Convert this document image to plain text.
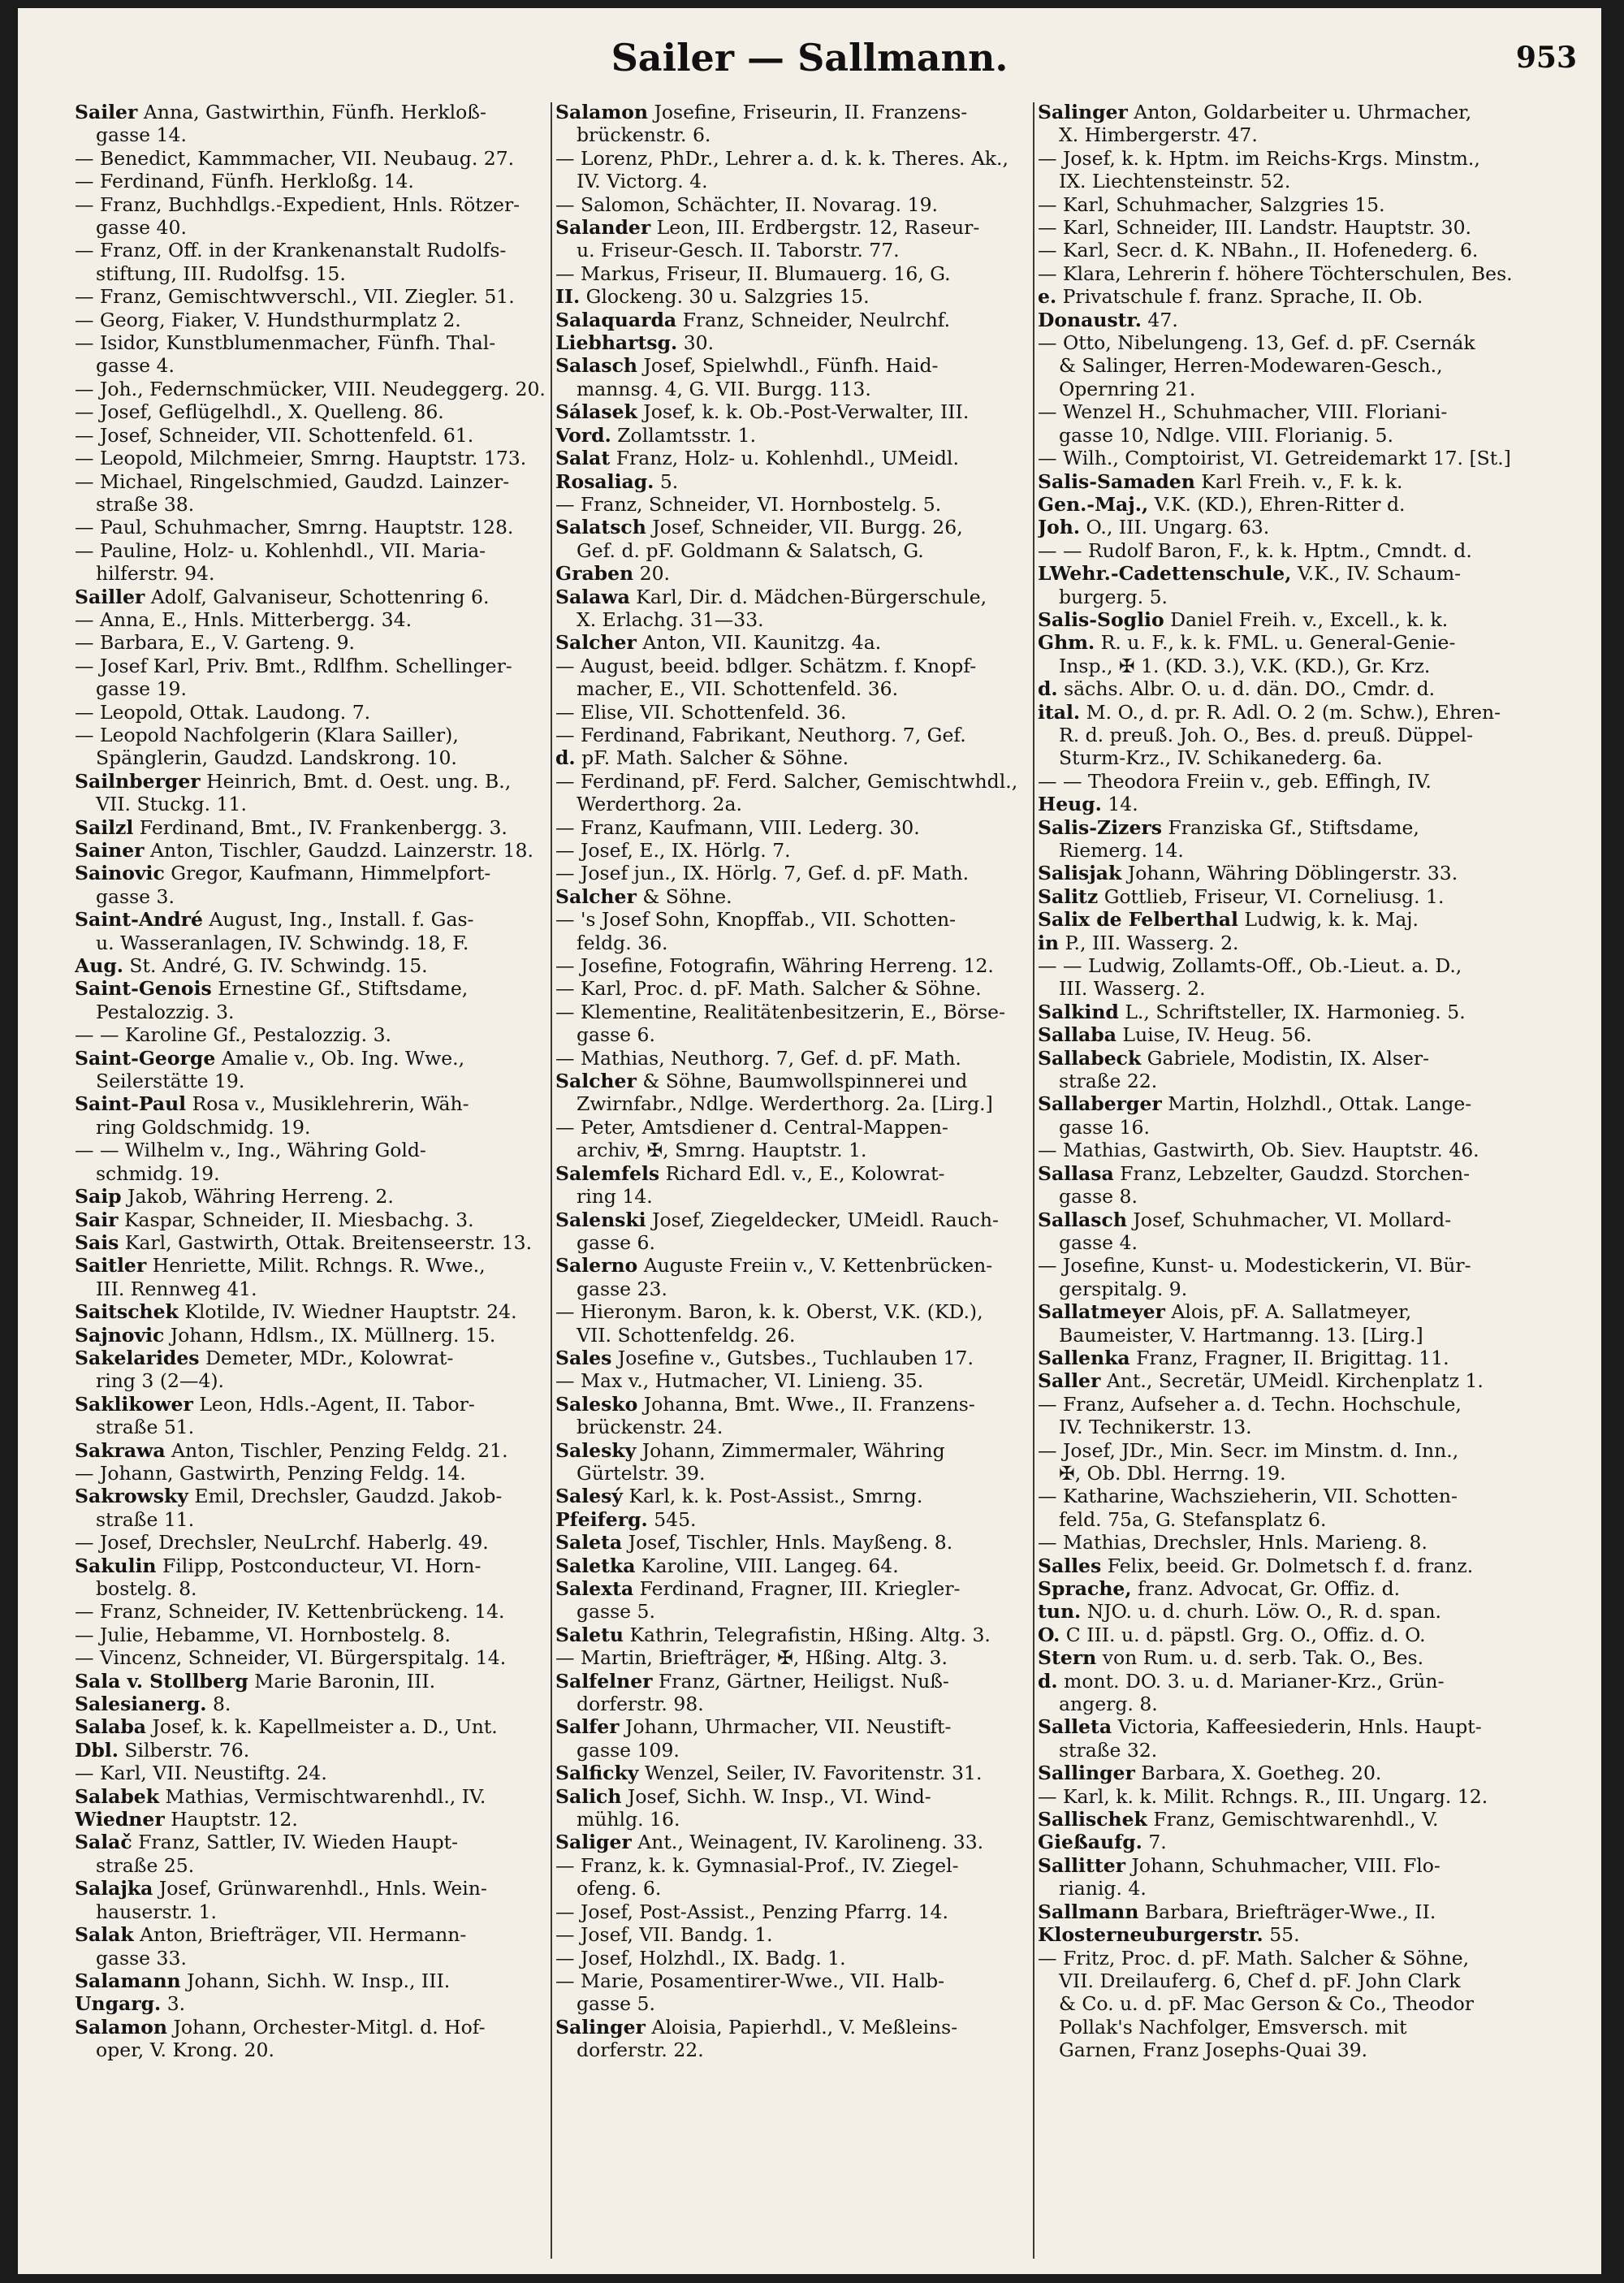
Sailer — Sallmann.	953
Sailer Anna, Gastwirthin, Fünfh. Herkloß-
gasse 14.
— Benedict, Kammmacher, VII. Neubaug. 27.
— Ferdinand, Fünfh. Herkloßg. 14.
— Franz, Buchhdlgs.-Expedient, Hnls. Rötzer-
gasse 40.
— Franz, Off. in der Krankenanstalt Rudolfs-
stiftung, III. Rudolfsg. 15.
— Franz, Gemischtwverschl., VII. Ziegler. 51.
— Georg, Fiaker, V. Hundsthurmplatz 2.
— Isidor, Kunstblumenmacher, Fünfh. Thal-
gasse 4.
— Joh., Federnschmücker, VIII. Neudeggerg. 20.
— Josef, Geflügelhdl., X. Quelleng. 86.
— Josef, Schneider, VII. Schottenfeld. 61.
— Leopold, Milchmeier, Smrng. Hauptstr. 173.
— Michael, Ringelschmied, Gaudzd. Lainzer-
straße 38.
— Paul, Schuhmacher, Smrng. Hauptstr. 128.
— Pauline, Holz- u. Kohlenhdl., VII. Maria-
hilferstr. 94.
Sailler Adolf, Galvaniseur, Schottenring 6.
— Anna, E., Hnls. Mitterbergg. 34.
— Barbara, E., V. Garteng. 9.
— Josef Karl, Priv. Bmt., Rdlfhm. Schellinger-
gasse 19.
— Leopold, Ottak. Laudong. 7.
— Leopold Nachfolgerin (Klara Sailler),
Spänglerin, Gaudzd. Landskrong. 10.
Sailnberger Heinrich, Bmt. d. Oest. ung. B.,
VII. Stuckg. 11.
Sailzl Ferdinand, Bmt., IV. Frankenbergg. 3.
Sainer Anton, Tischler, Gaudzd. Lainzerstr. 18.
Sainovic Gregor, Kaufmann, Himmelpfort-
gasse 3.
Saint-André August, Ing., Install. f. Gas-
u. Wasseranlagen, IV. Schwindg. 18, F.
Aug. St. André, G. IV. Schwindg. 15.
Saint-Genois Ernestine Gf., Stiftsdame,
Pestalozzig. 3.
— — Karoline Gf., Pestalozzig. 3.
Saint-George Amalie v., Ob. Ing. Wwe.,
Seilerstätte 19.
Saint-Paul Rosa v., Musiklehrerin, Wäh-
ring Goldschmidg. 19.
— — Wilhelm v., Ing., Währing Gold-
schmidg. 19.
Saip Jakob, Währing Herreng. 2.
Sair Kaspar, Schneider, II. Miesbachg. 3.
Sais Karl, Gastwirth, Ottak. Breitenseerstr. 13.
Saitler Henriette, Milit. Rchngs. R. Wwe.,
III. Rennweg 41.
Saitschek Klotilde, IV. Wiedner Hauptstr. 24.
Sajnovic Johann, Hdlsm., IX. Müllnerg. 15.
Sakelarides Demeter, MDr., Kolowrat-
ring 3 (2—4).
Saklikower Leon, Hdls.-Agent, II. Tabor-
straße 51.
Sakrawa Anton, Tischler, Penzing Feldg. 21.
— Johann, Gastwirth, Penzing Feldg. 14.
Sakrowsky Emil, Drechsler, Gaudzd. Jakob-
straße 11.
— Josef, Drechsler, NeuLrchf. Haberlg. 49.
Sakulin Filipp, Postconducteur, VI. Horn-
bostelg. 8.
— Franz, Schneider, IV. Kettenbrückeng. 14.
— Julie, Hebamme, VI. Hornbostelg. 8.
— Vincenz, Schneider, VI. Bürgerspitalg. 14.
Sala v. Stollberg Marie Baronin, III.
Salesianerg. 8.
Salaba Josef, k. k. Kapellmeister a. D., Unt.
Dbl. Silberstr. 76.
— Karl, VII. Neustiftg. 24.
Salabek Mathias, Vermischtwarenhdl., IV.
Wiedner Hauptstr. 12.
Salač Franz, Sattler, IV. Wieden Haupt-
straße 25.
Salajka Josef, Grünwarenhdl., Hnls. Wein-
hauserstr. 1.
Salak Anton, Briefträger, VII. Hermann-
gasse 33.
Salamann Johann, Sichh. W. Insp., III.
Ungarg. 3.
Salamon Johann, Orchester-Mitgl. d. Hof-
oper, V. Krong. 20.
Salamon Josefine, Friseurin, II. Franzens-
brückenstr. 6.
— Lorenz, PhDr., Lehrer a. d. k. k. Theres. Ak.,
IV. Victorg. 4.
— Salomon, Schächter, II. Novarag. 19.
Salander Leon, III. Erdbergstr. 12, Raseur-
u. Friseur-Gesch. II. Taborstr. 77.
— Markus, Friseur, II. Blumauerg. 16, G.
II. Glockeng. 30 u. Salzgries 15.
Salaquarda Franz, Schneider, Neulrchf.
Liebhartsg. 30.
Salasch Josef, Spielwhdl., Fünfh. Haid-
mannsg. 4, G. VII. Burgg. 113.
Sálasek Josef, k. k. Ob.-Post-Verwalter, III.
Vord. Zollamtsstr. 1.
Salat Franz, Holz- u. Kohlenhdl., UMeidl.
Rosaliag. 5.
— Franz, Schneider, VI. Hornbostelg. 5.
Salatsch Josef, Schneider, VII. Burgg. 26,
Gef. d. pF. Goldmann & Salatsch, G.
Graben 20.
Salawa Karl, Dir. d. Mädchen-Bürgerschule,
X. Erlachg. 31—33.
Salcher Anton, VII. Kaunitzg. 4a.
— August, beeid. bdlger. Schätzm. f. Knopf-
macher, E., VII. Schottenfeld. 36.
— Elise, VII. Schottenfeld. 36.
— Ferdinand, Fabrikant, Neuthorg. 7, Gef.
d. pF. Math. Salcher & Söhne.
— Ferdinand, pF. Ferd. Salcher, Gemischtwhdl.,
Werderthorg. 2a.
— Franz, Kaufmann, VIII. Lederg. 30.
— Josef, E., IX. Hörlg. 7.
— Josef jun., IX. Hörlg. 7, Gef. d. pF. Math.
Salcher & Söhne.
— 's Josef Sohn, Knopffab., VII. Schotten-
feldg. 36.
— Josefine, Fotografin, Währing Herreng. 12.
— Karl, Proc. d. pF. Math. Salcher & Söhne.
— Klementine, Realitätenbesitzerin, E., Börse-
gasse 6.
— Mathias, Neuthorg. 7, Gef. d. pF. Math.
Salcher & Söhne, Baumwollspinnerei und
Zwirnfabr., Ndlge. Werderthorg. 2a. [Lirg.]
— Peter, Amtsdiener d. Central-Mappen-
archiv, ✠, Smrng. Hauptstr. 1.
Salemfels Richard Edl. v., E., Kolowrat-
ring 14.
Salenski Josef, Ziegeldecker, UMeidl. Rauch-
gasse 6.
Salerno Auguste Freiin v., V. Kettenbrücken-
gasse 23.
— Hieronym. Baron, k. k. Oberst, V.K. (KD.),
VII. Schottenfeldg. 26.
Sales Josefine v., Gutsbes., Tuchlauben 17.
— Max v., Hutmacher, VI. Linieng. 35.
Salesko Johanna, Bmt. Wwe., II. Franzens-
brückenstr. 24.
Salesky Johann, Zimmermaler, Währing
Gürtelstr. 39.
Salesý Karl, k. k. Post-Assist., Smrng.
Pfeiferg. 545.
Saleta Josef, Tischler, Hnls. Mayßeng. 8.
Saletka Karoline, VIII. Langeg. 64.
Salexta Ferdinand, Fragner, III. Kriegler-
gasse 5.
Saletu Kathrin, Telegrafistin, Hßing. Altg. 3.
— Martin, Briefträger, ✠, Hßing. Altg. 3.
Salfelner Franz, Gärtner, Heiligst. Nuß-
dorferstr. 98.
Salfer Johann, Uhrmacher, VII. Neustift-
gasse 109.
Salficky Wenzel, Seiler, IV. Favoritenstr. 31.
Salich Josef, Sichh. W. Insp., VI. Wind-
mühlg. 16.
Saliger Ant., Weinagent, IV. Karolineng. 33.
— Franz, k. k. Gymnasial-Prof., IV. Ziegel-
ofeng. 6.
— Josef, Post-Assist., Penzing Pfarrg. 14.
— Josef, VII. Bandg. 1.
— Josef, Holzhdl., IX. Badg. 1.
— Marie, Posamentirer-Wwe., VII. Halb-
gasse 5.
Salinger Aloisia, Papierhdl., V. Meßleins-
dorferstr. 22.
Salinger Anton, Goldarbeiter u. Uhrmacher,
X. Himbergerstr. 47.
— Josef, k. k. Hptm. im Reichs-Krgs. Minstm.,
IX. Liechtensteinstr. 52.
— Karl, Schuhmacher, Salzgries 15.
— Karl, Schneider, III. Landstr. Hauptstr. 30.
— Karl, Secr. d. K. NBahn., II. Hofenederg. 6.
— Klara, Lehrerin f. höhere Töchterschulen, Bes.
e. Privatschule f. franz. Sprache, II. Ob.
Donaustr. 47.
— Otto, Nibelungeng. 13, Gef. d. pF. Csernák
& Salinger, Herren-Modewaren-Gesch.,
Opernring 21.
— Wenzel H., Schuhmacher, VIII. Floriani-
gasse 10, Ndlge. VIII. Florianig. 5.
— Wilh., Comptoirist, VI. Getreidemarkt 17. [St.]
Salis-Samaden Karl Freih. v., F. k. k.
Gen.-Maj., V.K. (KD.), Ehren-Ritter d.
Joh. O., III. Ungarg. 63.
— — Rudolf Baron, F., k. k. Hptm., Cmndt. d.
LWehr.-Cadettenschule, V.K., IV. Schaum-
burgerg. 5.
Salis-Soglio Daniel Freih. v., Excell., k. k.
Ghm. R. u. F., k. k. FML. u. General-Genie-
Insp., ✠ 1. (KD. 3.), V.K. (KD.), Gr. Krz.
d. sächs. Albr. O. u. d. dän. DO., Cmdr. d.
ital. M. O., d. pr. R. Adl. O. 2 (m. Schw.), Ehren-
R. d. preuß. Joh. O., Bes. d. preuß. Düppel-
Sturm-Krz., IV. Schikanederg. 6a.
— — Theodora Freiin v., geb. Effingh, IV.
Heug. 14.
Salis-Zizers Franziska Gf., Stiftsdame,
Riemerg. 14.
Salisjak Johann, Währing Döblingerstr. 33.
Salitz Gottlieb, Friseur, VI. Corneliusg. 1.
Salix de Felberthal Ludwig, k. k. Maj.
in P., III. Wasserg. 2.
— — Ludwig, Zollamts-Off., Ob.-Lieut. a. D.,
III. Wasserg. 2.
Salkind L., Schriftsteller, IX. Harmonieg. 5.
Sallaba Luise, IV. Heug. 56.
Sallabeck Gabriele, Modistin, IX. Alser-
straße 22.
Sallaberger Martin, Holzhdl., Ottak. Lange-
gasse 16.
— Mathias, Gastwirth, Ob. Siev. Hauptstr. 46.
Sallasa Franz, Lebzelter, Gaudzd. Storchen-
gasse 8.
Sallasch Josef, Schuhmacher, VI. Mollard-
gasse 4.
— Josefine, Kunst- u. Modestickerin, VI. Bür-
gerspitalg. 9.
Sallatmeyer Alois, pF. A. Sallatmeyer,
Baumeister, V. Hartmanng. 13. [Lirg.]
Sallenka Franz, Fragner, II. Brigittag. 11.
Saller Ant., Secretär, UMeidl. Kirchenplatz 1.
— Franz, Aufseher a. d. Techn. Hochschule,
IV. Technikerstr. 13.
— Josef, JDr., Min. Secr. im Minstm. d. Inn.,
✠, Ob. Dbl. Herrng. 19.
— Katharine, Wachszieherin, VII. Schotten-
feld. 75a, G. Stefansplatz 6.
— Mathias, Drechsler, Hnls. Marieng. 8.
Salles Felix, beeid. Gr. Dolmetsch f. d. franz.
Sprache, franz. Advocat, Gr. Offiz. d.
tun. NJO. u. d. churh. Löw. O., R. d. span.
O. C III. u. d. päpstl. Grg. O., Offiz. d. O.
Stern von Rum. u. d. serb. Tak. O., Bes.
d. mont. DO. 3. u. d. Marianer-Krz., Grün-
angerg. 8.
Salleta Victoria, Kaffeesiederin, Hnls. Haupt-
straße 32.
Sallinger Barbara, X. Goetheg. 20.
— Karl, k. k. Milit. Rchngs. R., III. Ungarg. 12.
Sallischek Franz, Gemischtwarenhdl., V.
Gießaufg. 7.
Sallitter Johann, Schuhmacher, VIII. Flo-
rianig. 4.
Sallmann Barbara, Briefträger-Wwe., II.
Klosterneuburgerstr. 55.
— Fritz, Proc. d. pF. Math. Salcher & Söhne,
VII. Dreilauferg. 6, Chef d. pF. John Clark
& Co. u. d. pF. Mac Gerson & Co., Theodor
Pollak's Nachfolger, Emsversch. mit
Garnen, Franz Josephs-Quai 39.
